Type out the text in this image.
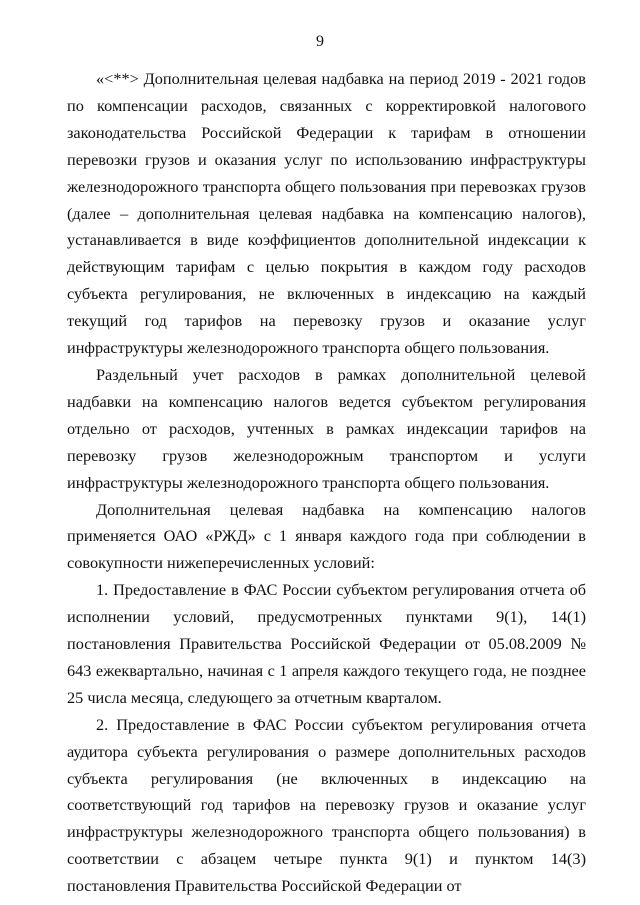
9

«<**> Дополнительная целевая надбавка на период 2019 - 2021 годов по компенсации расходов, связанных с корректировкой налогового законодательства Российской Федерации к тарифам в отношении перевозки грузов и оказания услуг по использованию инфраструктуры железнодорожного транспорта общего пользования при перевозках грузов (далее – дополнительная целевая надбавка на компенсацию налогов), устанавливается в виде коэффициентов дополнительной индексации к действующим тарифам с целью покрытия в каждом году расходов субъекта регулирования, не включенных в индексацию на каждый текущий год тарифов на перевозку грузов и оказание услуг инфраструктуры железнодорожного транспорта общего пользования.

Раздельный учет расходов в рамках дополнительной целевой надбавки на компенсацию налогов ведется субъектом регулирования отдельно от расходов, учтенных в рамках индексации тарифов на перевозку грузов железнодорожным транспортом и услуги инфраструктуры железнодорожного транспорта общего пользования.

Дополнительная целевая надбавка на компенсацию налогов применяется ОАО «РЖД» с 1 января каждого года при соблюдении в совокупности нижеперечисленных условий:

1. Предоставление в ФАС России субъектом регулирования отчета об исполнении условий, предусмотренных пунктами 9(1), 14(1) постановления Правительства Российской Федерации от 05.08.2009 № 643 ежеквартально, начиная с 1 апреля каждого текущего года, не позднее 25 числа месяца, следующего за отчетным кварталом.

2. Предоставление в ФАС России субъектом регулирования отчета аудитора субъекта регулирования о размере дополнительных расходов субъекта регулирования (не включенных в индексацию на соответствующий год тарифов на перевозку грузов и оказание услуг инфраструктуры железнодорожного транспорта общего пользования) в соответствии с абзацем четыре пункта 9(1) и пунктом 14(3) постановления Правительства Российской Федерации от
